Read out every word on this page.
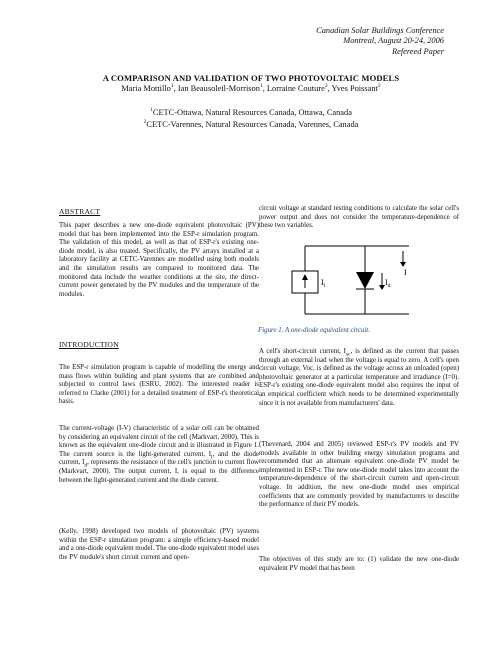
Canadian Solar Buildings Conference
Montreal, August 20-24, 2006
Refereed Paper
A COMPARISON AND VALIDATION OF TWO PHOTOVOLTAIC MODELS
Maria Mottillo$^1$, Ian Beausoleil-Morrison$^1$, Lorraine Couture$^2$, Yves Poissant$^2$
$^1$CETC-Ottawa, Natural Resources Canada, Ottawa, Canada
$^2$CETC-Varennes, Natural Resources Canada, Varennes, Canada
ABSTRACT

This paper describes a new one-diode equivalent photovoltaic (PV) model that has been implemented into the ESP-r simulation program. The validation of this model, as well as that of ESP-r's existing one-diode model, is also treated. Specifically, the PV arrays installed at a laboratory facility at CETC-Varennes are modelled using both models and the simulation results are compared to monitored data. The monitored data include the weather conditions at the site, the direct-current power generated by the PV modules and the temperature of the modules.

INTRODUCTION

The ESP-r simulation program is capable of modelling the energy and mass flows within building and plant systems that are combined and subjected to control laws (ESRU, 2002). The interested reader is referred to Clarke (2001) for a detailed treatment of ESP-r's theoretical basis.

The current-voltage (I-V) characteristic of a solar cell can be obtained by considering an equivalent circuit of the cell (Markvart, 2000). This is known as the equivalent one-diode circuit and is illustrated in Figure 1. The current source is the light-generated current, $I_l$, and the diode current, $I_d$, represents the resistance of the cell's junction to current flow (Markvart, 2000). The output current, I, is equal to the difference between the light-generated current and the diode current.

(Kelly, 1998) developed two models of photovoltaic (PV) systems within the ESP-r simulation program: a simple efficiency-based model and a one-diode equivalent model. The one-diode equivalent model uses the PV module's short circuit current and open-

circuit voltage at standard testing conditions to calculate the solar cell's power output and does not consider the temperature-dependence of these two variables.

I
$I_l$	$I_d$
Figure 1. A one-diode equivalent circuit.

A cell's short-circuit current, $I_{sc}$, is defined as the current that passes through an external load when the voltage is equal to zero. A cell's open circuit voltage, Voc, is defined as the voltage across an unloaded (open) photovoltaic generator at a particular temperature and irradiance (I=0). ESP-r's existing one-diode equivalent model also requires the input of an empirical coefficient which needs to be determined experimentally since it is not available from manufacturers' data.

(Thevenard, 2004 and 2005) reviewed ESP-r's PV models and PV models available in other building energy simulation programs and recommended that an alternate equivalent one-diode PV model be implemented in ESP-r. The new one-diode model takes into account the temperature-dependence of the short-circuit current and open-circuit voltage. In addition, the new one-diode model uses empirical coefficients that are commonly provided by manufacturers to describe the performance of their PV models.

The objectives of this study are to: (1) validate the new one-diode equivalent PV model that has been
